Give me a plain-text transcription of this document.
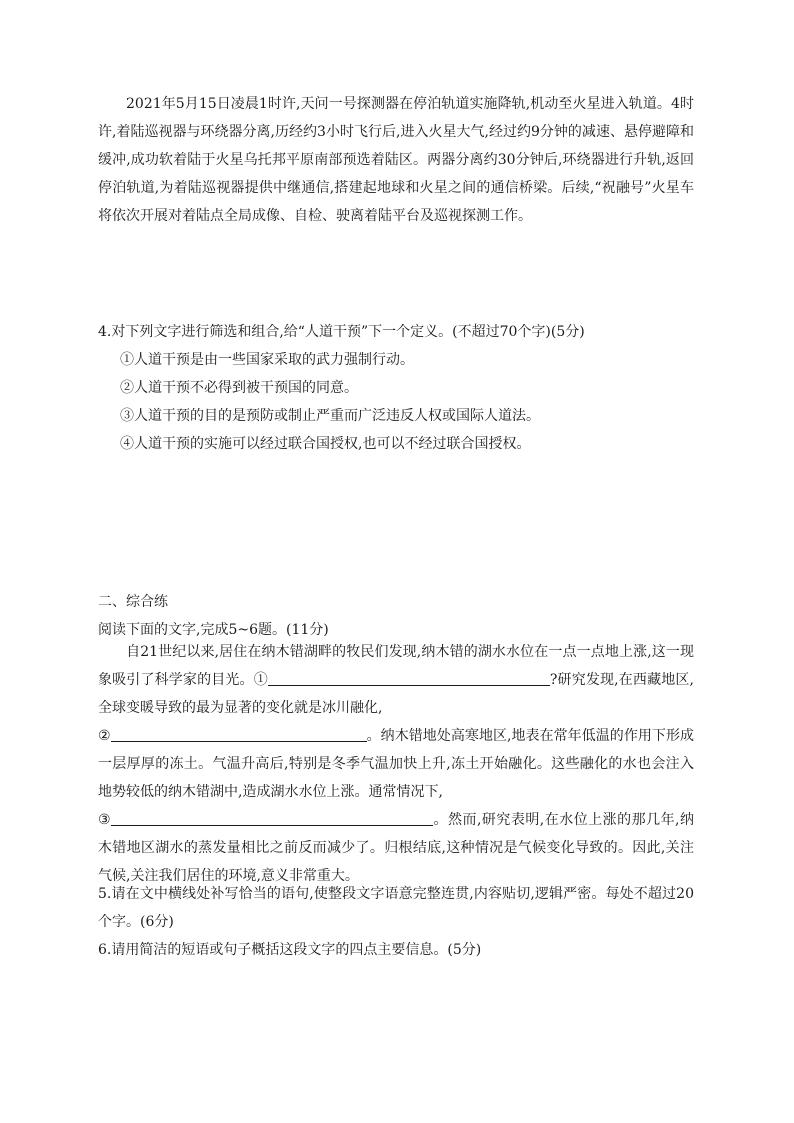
2021年5月15日凌晨1时许,天问一号探测器在停泊轨道实施降轨,机动至火星进入轨道。4时许,着陆巡视器与环绕器分离,历经约3小时飞行后,进入火星大气,经过约9分钟的减速、悬停避障和缓冲,成功软着陆于火星乌托邦平原南部预选着陆区。两器分离约30分钟后,环绕器进行升轨,返回停泊轨道,为着陆巡视器提供中继通信,搭建起地球和火星之间的通信桥梁。后续,“祝融号”火星车将依次开展对着陆点全局成像、自检、驶离着陆平台及巡视探测工作。

4.对下列文字进行筛选和组合,给“人道干预”下一个定义。(不超过70个字)(5分)
①人道干预是由一些国家采取的武力强制行动。
②人道干预不必得到被干预国的同意。
③人道干预的目的是预防或制止严重而广泛违反人权或国际人道法。
④人道干预的实施可以经过联合国授权,也可以不经过联合国授权。
二、综合练
阅读下面的文字,完成5~6题。(11分)

自21世纪以来,居住在纳木错湖畔的牧民们发现,纳木错的湖水水位在一点一点地上涨,这一现象吸引了科学家的目光。①	?研究发现,在西藏地区,全球变暖导致的最为显著的变化就是冰川融化,
②	。纳木错地处高寒地区,地表在常年低温的作用下形成一层厚厚的冻土。气温升高后,特别是冬季气温加快上升,冻土开始融化。这些融化的水也会注入地势较低的纳木错湖中,造成湖水水位上涨。通常情况下,
③	。然而,研究表明,在水位上涨的那几年,纳木错地区湖水的蒸发量相比之前反而减少了。归根结底,这种情况是气候变化导致的。因此,关注气候,关注我们居住的环境,意义非常重大。

5.请在文中横线处补写恰当的语句,使整段文字语意完整连贯,内容贴切,逻辑严密。每处不超过20个字。(6分)
6.请用简洁的短语或句子概括这段文字的四点主要信息。(5分)
